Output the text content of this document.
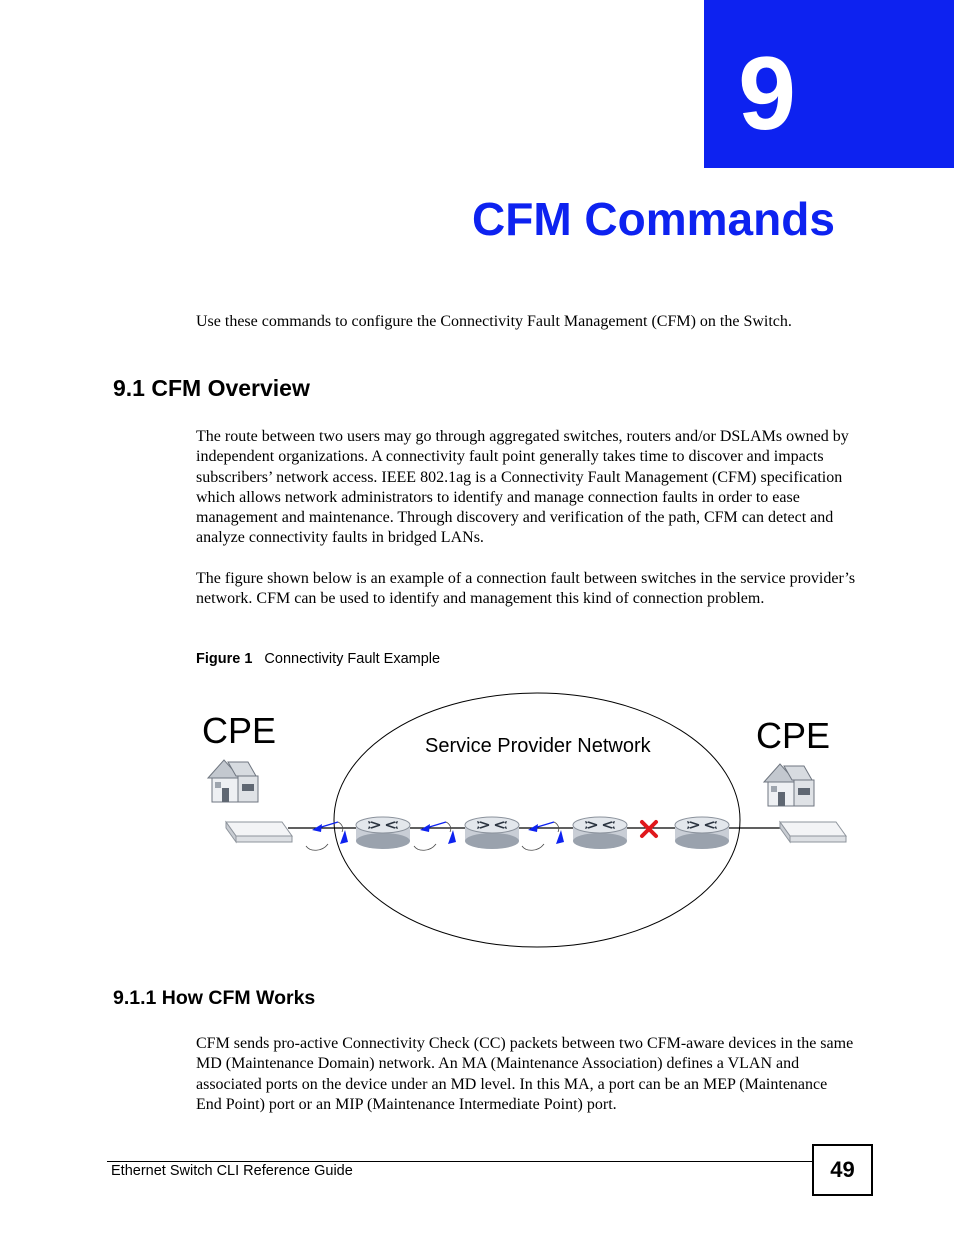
9
CFM Commands

Use these commands to configure the Connectivity Fault Management (CFM) on the Switch.

9.1 CFM Overview

The route between two users may go through aggregated switches, routers and/or DSLAMs owned by independent organizations. A connectivity fault point generally takes time to discover and impacts subscribers’ network access. IEEE 802.1ag is a Connectivity Fault Management (CFM) specification which allows network administrators to identify and manage connection faults in order to ease management and maintenance. Through discovery and verification of the path, CFM can detect and analyze connectivity faults in bridged LANs.

The figure shown below is an example of a connection fault between switches in the service provider’s network. CFM can be used to identify and management this kind of connection problem.

Figure 1 Connectivity Fault Example
CPE	CPE
Service Provider Network
9.1.1 How CFM Works

CFM sends pro-active Connectivity Check (CC) packets between two CFM-aware devices in the same MD (Maintenance Domain) network. An MA (Maintenance Association) defines a VLAN and associated ports on the device under an MD level. In this MA, a port can be an MEP (Maintenance End Point) port or an MIP (Maintenance Intermediate Point) port.

Ethernet Switch CLI Reference Guide	49
